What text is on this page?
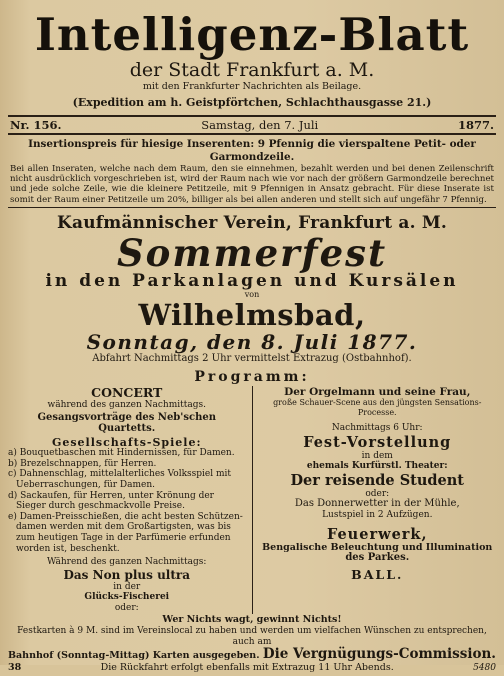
Intelligenz-Blatt
der Stadt Frankfurt a. M.
mit den Frankfurter Nachrichten als Beilage.
(Expedition am h. Geistpförtchen, Schlachthausgasse 21.)
Nr. 156.	Samstag, den 7. Juli	1877.
Insertionspreis für hiesige Inserenten: 9 Pfennig die vierspaltene Petit- oder Garmondzeile.
Bei allen Inseraten, welche nach dem Raum, den sie einnehmen, bezahlt werden und bei denen Zeilenschrift nicht ausdrücklich vorgeschrieben ist, wird der Raum nach wie vor nach der größern Garmondzeile berechnet und jede solche Zeile, wie die kleinere Petitzeile, mit 9 Pfennigen in Ansatz gebracht. Für diese Inserate ist somit der Raum einer Petitzeile um 20%, billiger als bei allen anderen und stellt sich auf ungefähr 7 Pfennig.
Kaufmännischer Verein, Frankfurt a. M.
Sommerfest
in den Parkanlagen und Kursälen
von
Wilhelmsbad,
Sonntag, den 8. Juli 1877.
Abfahrt Nachmittags 2 Uhr vermittelst Extrazug (Ostbahnhof).
Programm:
CONCERT
während des ganzen Nachmittags.
Gesangsvorträge des Neb'schen Quartetts.
Gesellschafts-Spiele:
a) Bouquetbaschen mit Hindernissen, für Damen.
b) Brezelschnappen, für Herren.
c) Dahnenschlag, mittelalterliches Volksspiel mit Ueberraschungen, für Damen.
d) Sackaufen, für Herren, unter Krönung der Sieger durch geschmackvolle Preise.
e) Damen-Preisschießen, die acht besten Schützen-damen werden mit dem Großartigsten, was bis zum heutigen Tage in der Parfümerie erfunden worden ist, beschenkt.
Während des ganzen Nachmittags:
Das Non plus ultra
in der
Glücks-Fischerei
oder:
Der Orgelmann und seine Frau,
große Schauer-Scene aus den jüngsten Sensations-Processe.
Nachmittags 6 Uhr:
Fest-Vorstellung
in dem
ehemals Kurfürstl. Theater:
Der reisende Student
oder:
Das Donnerwetter in der Mühle,
Lustspiel in 2 Aufzügen.
Feuerwerk,
Bengalische Beleuchtung und Illumination
des Parkes.
BALL.
Wer Nichts wagt, gewinnt Nichts!
Festkarten à 9 M. sind im Vereinslocal zu haben und werden um vielfachen Wünschen zu entsprechen, auch am
Bahnhof (Sonntag-Mittag) Karten ausgegeben. Die Vergnügungs-Commission.
38	Die Rückfahrt erfolgt ebenfalls mit Extrazug 11 Uhr Abends.	5480
